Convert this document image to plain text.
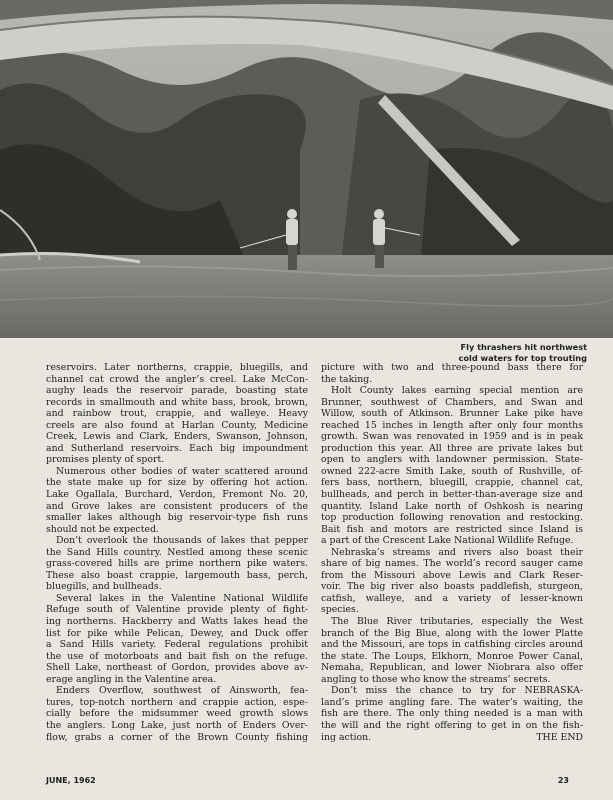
Fly thrashers hit northwest
cold waters for top trouting
reservoirs. Later northerns, crappie, bluegills, and
channel cat crowd the angler’s creel. Lake McCon-
aughy leads the reservoir parade, boasting state
records in smallmouth and white bass, brook, brown,
and rainbow trout, crappie, and walleye. Heavy
creels are also found at Harlan County, Medicine
Creek, Lewis and Clark, Enders, Swanson, Johnson,
and Sutherland reservoirs. Each big impoundment
promises plenty of sport.
Numerous other bodies of water scattered around
the state make up for size by offering hot action.
Lake Ogallala, Burchard, Verdon, Fremont No. 20,
and Grove lakes are consistent producers of the
smaller lakes although big reservoir-type fish runs
should not be expected.
Don’t overlook the thousands of lakes that pepper
the Sand Hills country. Nestled among these scenic
grass-covered hills are prime northern pike waters.
These also boast crappie, largemouth bass, perch,
bluegills, and bullheads.
Several lakes in the Valentine National Wildlife
Refuge south of Valentine provide plenty of fight-
ing northerns. Hackberry and Watts lakes head the
list for pike while Pelican, Dewey, and Duck offer
a Sand Hills variety. Federal regulations prohibit
the use of motorboats and bait fish on the refuge.
Shell Lake, northeast of Gordon, provides above av-
erage angling in the Valentine area.
Enders Overflow, southwest of Ainsworth, fea-
tures, top-notch northern and crappie action, espe-
cially before the midsummer weed growth slows
the anglers. Long Lake, just north of Enders Over-
flow, grabs a corner of the Brown County fishing
picture with two and three-pound bass there for
the taking.
Holt County lakes earning special mention are
Brunner, southwest of Chambers, and Swan and
Willow, south of Atkinson. Brunner Lake pike have
reached 15 inches in length after only four months
growth. Swan was renovated in 1959 and is in peak
production this year. All three are private lakes but
open to anglers with landowner permission. State-
owned 222-acre Smith Lake, south of Rushville, of-
fers bass, northern, bluegill, crappie, channel cat,
bullheads, and perch in better-than-average size and
quantity. Island Lake north of Oshkosh is nearing
top production following renovation and restocking.
Bait fish and motors are restricted since Island is
a part of the Crescent Lake National Wildlife Refuge.
Nebraska’s streams and rivers also boast their
share of big names. The world’s record sauger came
from the Missouri above Lewis and Clark Reser-
voir. The big river also boasts paddlefish, sturgeon,
catfish, walleye, and a variety of lesser-known
species.
The Blue River tributaries, especially the West
branch of the Big Blue, along with the lower Platte
and the Missouri, are tops in catfishing circles around
the state. The Loups, Elkhorn, Monroe Power Canal,
Nemaha, Republican, and lower Niobrara also offer
angling to those who know the streams’ secrets.
Don’t miss the chance to try for NEBRASKA-
land’s prime angling fare. The water’s waiting, the
fish are there. The only thing needed is a man with
the will and the right offering to get in on the fish-
ing action.	THE END
JUNE, 1962	23
